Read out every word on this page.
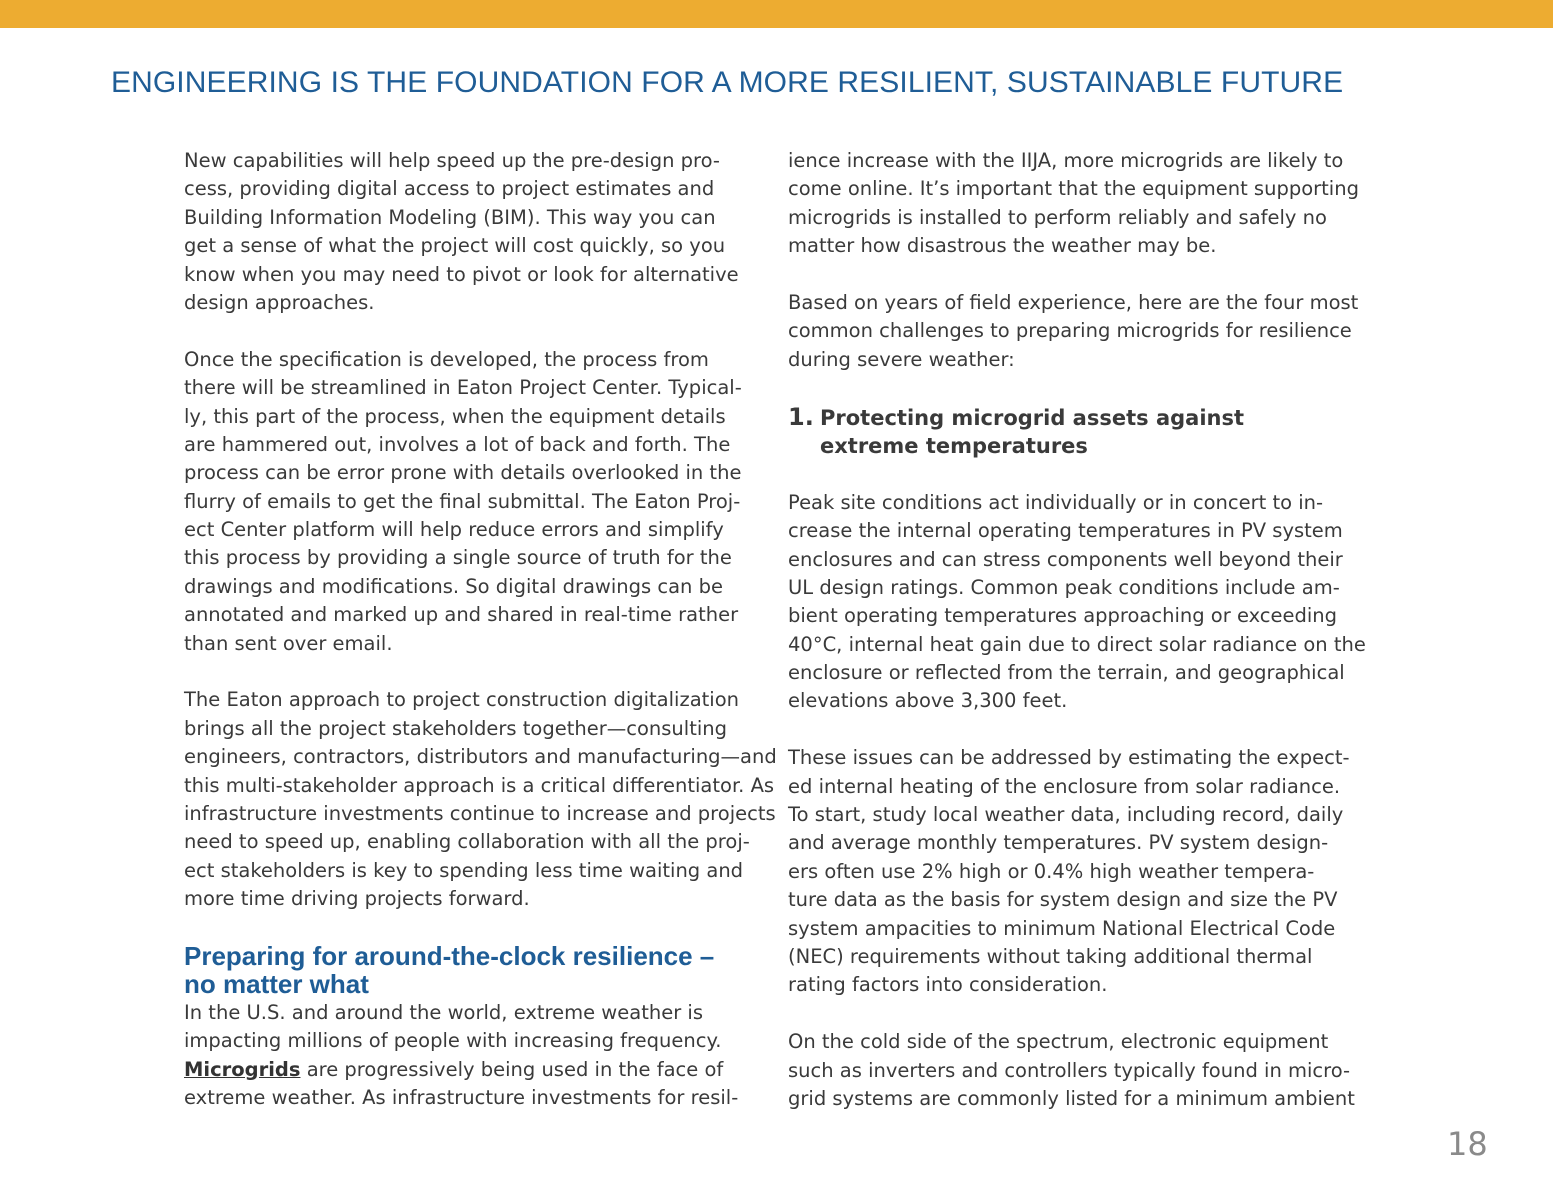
ENGINEERING IS THE FOUNDATION FOR A MORE RESILIENT, SUSTAINABLE FUTURE
New capabilities will help speed up the pre-design pro-
cess, providing digital access to project estimates and
Building Information Modeling (BIM). This way you can
get a sense of what the project will cost quickly, so you
know when you may need to pivot or look for alternative
design approaches.
Once the specification is developed, the process from
there will be streamlined in Eaton Project Center. Typical-
ly, this part of the process, when the equipment details
are hammered out, involves a lot of back and forth. The
process can be error prone with details overlooked in the
flurry of emails to get the final submittal. The Eaton Proj-
ect Center platform will help reduce errors and simplify
this process by providing a single source of truth for the
drawings and modifications. So digital drawings can be
annotated and marked up and shared in real-time rather
than sent over email.
The Eaton approach to project construction digitalization
brings all the project stakeholders together—consulting
engineers, contractors, distributors and manufacturing—and
this multi-stakeholder approach is a critical differentiator. As
infrastructure investments continue to increase and projects
need to speed up, enabling collaboration with all the proj-
ect stakeholders is key to spending less time waiting and
more time driving projects forward.
Preparing for around-the-clock resilience –
no matter what
In the U.S. and around the world, extreme weather is
impacting millions of people with increasing frequency.
Microgrids are progressively being used in the face of
extreme weather. As infrastructure investments for resil-
ience increase with the IIJA, more microgrids are likely to
come online. It’s important that the equipment supporting
microgrids is installed to perform reliably and safely no
matter how disastrous the weather may be.
Based on years of field experience, here are the four most
common challenges to preparing microgrids for resilience
during severe weather:
1. Protecting microgrid assets against
extreme temperatures
Peak site conditions act individually or in concert to in-
crease the internal operating temperatures in PV system
enclosures and can stress components well beyond their
UL design ratings. Common peak conditions include am-
bient operating temperatures approaching or exceeding
40°C, internal heat gain due to direct solar radiance on the
enclosure or reflected from the terrain, and geographical
elevations above 3,300 feet.
These issues can be addressed by estimating the expect-
ed internal heating of the enclosure from solar radiance.
To start, study local weather data, including record, daily
and average monthly temperatures. PV system design-
ers often use 2% high or 0.4% high weather tempera-
ture data as the basis for system design and size the PV
system ampacities to minimum National Electrical Code
(NEC) requirements without taking additional thermal
rating factors into consideration.
On the cold side of the spectrum, electronic equipment
such as inverters and controllers typically found in micro-
grid systems are commonly listed for a minimum ambient
18
